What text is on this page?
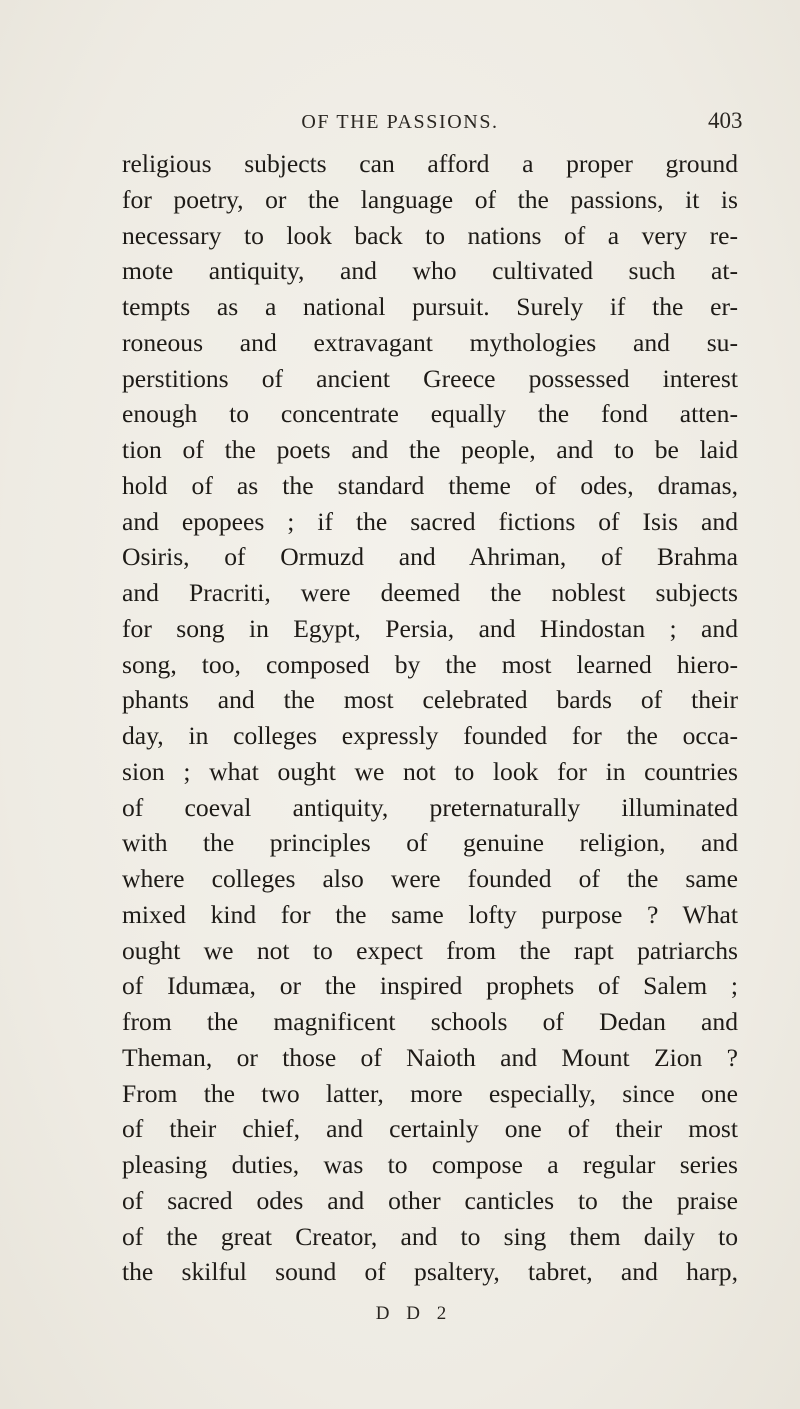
OF THE PASSIONS.	403
religious subjects can afford a proper ground
for poetry, or the language of the passions, it is
necessary to look back to nations of a very re-
mote antiquity, and who cultivated such at-
tempts as a national pursuit. Surely if the er-
roneous and extravagant mythologies and su-
perstitions of ancient Greece possessed interest
enough to concentrate equally the fond atten-
tion of the poets and the people, and to be laid
hold of as the standard theme of odes, dramas,
and epopees ; if the sacred fictions of Isis and
Osiris, of Ormuzd and Ahriman, of Brahma
and Pracriti, were deemed the noblest subjects
for song in Egypt, Persia, and Hindostan ; and
song, too, composed by the most learned hiero-
phants and the most celebrated bards of their
day, in colleges expressly founded for the occa-
sion ; what ought we not to look for in countries
of coeval antiquity, preternaturally illuminated
with the principles of genuine religion, and
where colleges also were founded of the same
mixed kind for the same lofty purpose ? What
ought we not to expect from the rapt patriarchs
of Idumæa, or the inspired prophets of Salem ;
from the magnificent schools of Dedan and
Theman, or those of Naioth and Mount Zion ?
From the two latter, more especially, since one
of their chief, and certainly one of their most
pleasing duties, was to compose a regular series
of sacred odes and other canticles to the praise
of the great Creator, and to sing them daily to
the skilful sound of psaltery, tabret, and harp,
D D 2
